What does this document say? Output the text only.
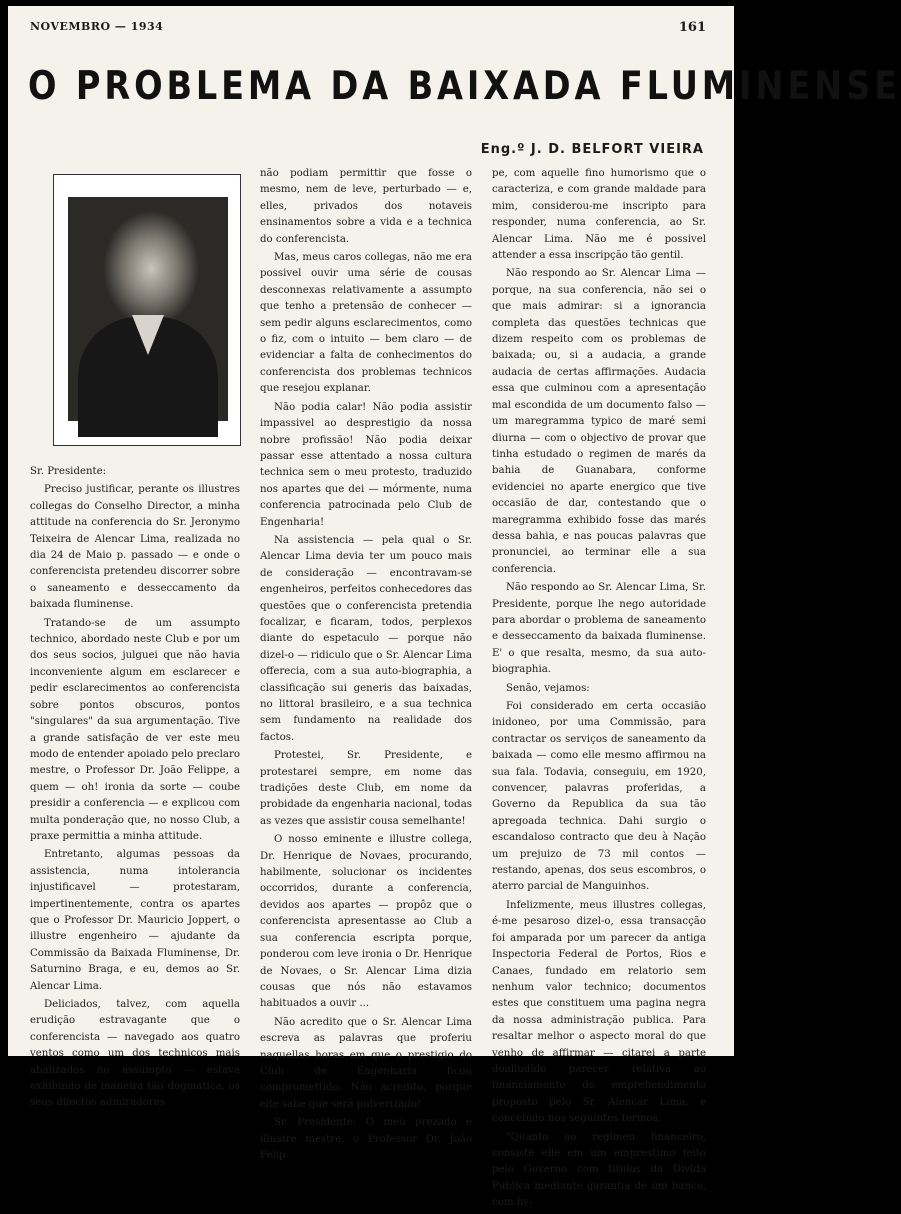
NOVEMBRO — 1934	161
O PROBLEMA DA BAIXADA FLUMINENSE
Eng.º J. D. BELFORT VIEIRA

Sr. Presidente:

Preciso justificar, perante os illustres collegas do Conselho Director, a minha attitude na conferencia do Sr. Jeronymo Teixeira de Alencar Lima, realizada no dia 24 de Maio p. passado — e onde o conferencista pretendeu discorrer sobre o saneamento e desseccamento da baixada fluminense.

Tratando-se de um assumpto technico, abordado neste Club e por um dos seus socios, julguei que não havia inconveniente algum em esclarecer e pedir esclarecimentos ao conferencista sobre pontos obscuros, pontos "singulares" da sua argumentação. Tive a grande satisfação de ver este meu modo de entender apoiado pelo preclaro mestre, o Professor Dr. João Felippe, a quem — oh! ironia da sorte — coube presidir a conferencia — e explicou com multa ponderação que, no nosso Club, a praxe permittia a minha attitude.

Entretanto, algumas pessoas da assistencia, numa intolerancia injustificavel — protestaram, impertinentemente, contra os apartes que o Professor Dr. Mauricio Joppert, o illustre engenheiro — ajudante da Commissão da Baixada Fluminense, Dr. Saturnino Braga, e eu, demos ao Sr. Alencar Lima.

Deliciados, talvez, com aquella erudição estravagante que o conferencista — navegado aos quatro ventos como um dos technicos mais abalizados no assumpto — estava exhibindo de maneira tão dogmatica, os seus dilectos admiradores

não podiam permittir que fosse o mesmo, nem de leve, perturbado — e, elles, privados dos notaveis ensinamentos sobre a vida e a technica do conferencista.

Mas, meus caros collegas, não me era possivel ouvir uma série de cousas desconnexas relativamente a assumpto que tenho a pretensão de conhecer — sem pedir alguns esclarecimentos, como o fiz, com o intuito — bem claro — de evidenciar a falta de conhecimentos do conferencista dos problemas technicos que resejou explanar.

Não podia calar! Não podia assistir impassivel ao desprestigio da nossa nobre profissão! Não podia deixar passar esse attentado a nossa cultura technica sem o meu protesto, traduzido nos apartes que dei — mórmente, numa conferencia patrocinada pelo Club de Engenharia!

Na assistencia — pela qual o Sr. Alencar Lima devia ter um pouco mais de consideração — encontravam-se engenheiros, perfeitos conhecedores das questões que o conferencista pretendia focalizar, e ficaram, todos, perplexos diante do espetaculo — porque não dizel-o — ridiculo que o Sr. Alencar Lima offerecia, com a sua auto-biographia, a classificação sui generis das baixadas, no littoral brasileiro, e a sua technica sem fundamento na realidade dos factos.

Protestei, Sr. Presidente, e protestarei sempre, em nome das tradições deste Club, em nome da probidade da engenharia nacional, todas as vezes que assistir cousa semelhante!

O nosso eminente e illustre collega, Dr. Henrique de Novaes, procurando, habilmente, solucionar os incidentes occorridos, durante a conferencia, devidos aos apartes — propôz que o conferencista apresentasse ao Club a sua conferencia escripta porque, ponderou com leve ironia o Dr. Henrique de Novaes, o Sr. Alencar Lima dizia cousas que nós não estavamos habituados a ouvir ...

Não acredito que o Sr. Alencar Lima escreva as palavras que proferiu naquellas horas em que o prestigio do Club de Engenharia ficou compromettido. Não acredito, porque elle sabe que será pulverizado!

Sr. Presidente: O meu prezado e illustre mestre, o Professor Dr. João Felip-

pe, com aquelle fino humorismo que o caracteriza, e com grande maldade para mim, considerou-me inscripto para responder, numa conferencia, ao Sr. Alencar Lima. Não me é possivel attender a essa inscripção tão gentil.

Não respondo ao Sr. Alencar Lima — porque, na sua conferencia, não sei o que mais admirar: si a ignorancia completa das questões technicas que dizem respeito com os problemas de baixada; ou, si a audacia, a grande audacia de certas affirmações. Audacia essa que culminou com a apresentação mal escondida de um documento falso — um maregramma typico de maré semi diurna — com o objectivo de provar que tinha estudado o regimen de marés da bahia de Guanabara, conforme evidenciei no aparte energico que tive occasião de dar, contestando que o maregramma exhibido fosse das marés dessa bahia, e nas poucas palavras que pronunciei, ao terminar elle a sua conferencia.

Não respondo ao Sr. Alencar Lima, Sr. Presidente, porque lhe nego autoridade para abordar o problema de saneamento e desseccamento da baixada fluminense. E' o que resalta, mesmo, da sua auto-biographia.

Senão, vejamos:

Foi considerado em certa occasião inidoneo, por uma Commissão, para contractar os serviços de saneamento da baixada — como elle mesmo affirmou na sua fala. Todavia, conseguiu, em 1920, convencer, palavras proferidas, a Governo da Republica da sua tão apregoada technica. Dahi surgio o escandaloso contracto que deu à Nação um prejuizo de 73 mil contos — restando, apenas, dos seus escombros, o aterro parcial de Manguinhos.

Infelizmente, meus illustres collegas, é-me pesaroso dizel-o, essa transacção foi amparada por um parecer da antiga Inspectoria Federal de Portos, Rios e Canaes, fundado em relatorio sem nenhum valor technico; documentos estes que constituem uma pagina negra da nossa administração publica. Para resaltar melhor o aspecto moral do que venho de affirmar — citarei a parte doalludido parecer relativa ao financiamento do emprehendimento proposto pelo Sr. Alencar Lima, e concebido nos seguintes termos:

"Quanto ao regimen financeiro, consiste elle em um emprestimo feito pelo Governo com titulos da Divida Publica mediante garantia de um banco, com hy-
